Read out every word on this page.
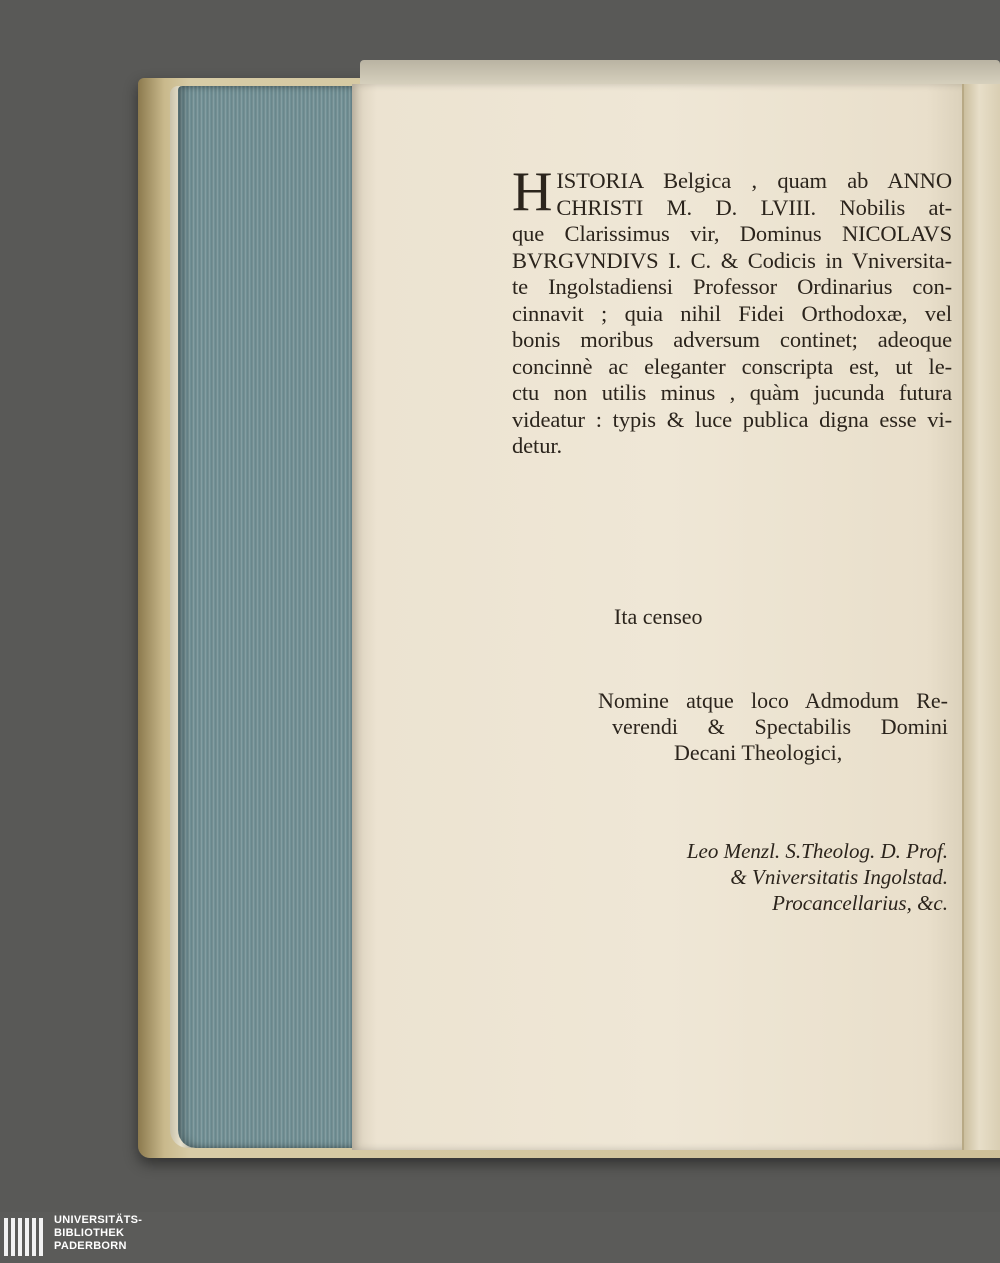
H ISTORIA Belgica , quam ab ANNO
CHRISTI M. D. LVIII. Nobilis at-
que Clarissimus vir, Dominus NICOLAVS
BVRGVNDIVS I. C. & Codicis in Vniversita-
te Ingolstadiensi Professor Ordinarius con-
cinnavit ; quia nihil Fidei Orthodoxæ, vel
bonis moribus adversum continet; adeoque
concinnè ac eleganter conscripta est, ut le-
ctu non utilis minus , quàm jucunda futura
videatur : typis & luce publica digna esse vi-
detur.
Ita censeo
Nomine atque loco Admodum Re-
verendi & Spectabilis Domini
Decani Theologici,
Leo Menzl. S.Theolog. D. Prof.
& Vniversitatis Ingolstad.
Procancellarius, &c.
UNIVERSITÄTS-
BIBLIOTHEK
PADERBORN
